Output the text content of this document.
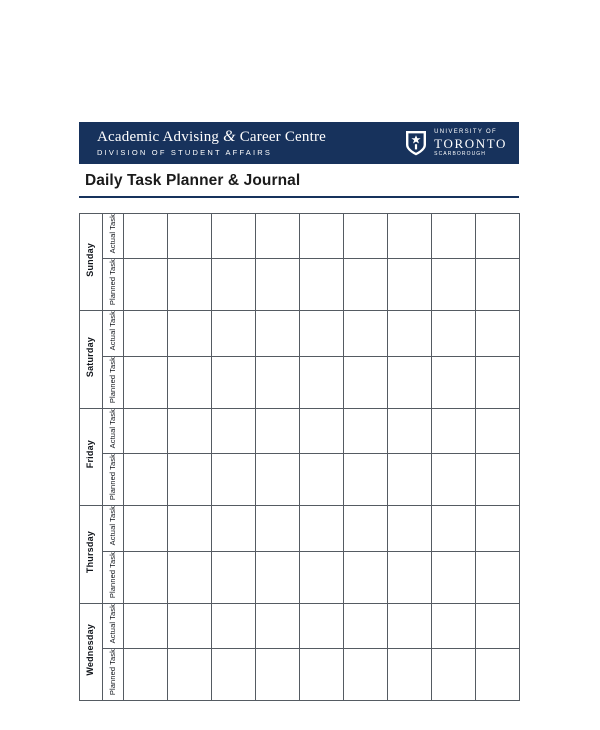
Academic Advising & Career Centre
DIVISION OF STUDENT AFFAIRS
UNIVERSITY OF
TORONTO
SCARBOROUGH
Daily Task Planner & Journal
Sunday	Actual Task									
	Planned Task									
Saturday	Actual Task									
	Planned Task									
Friday	Actual Task									
	Planned Task									
Thursday	Actual Task									
	Planned Task									
Wednesday	Actual Task									
	Planned Task									
